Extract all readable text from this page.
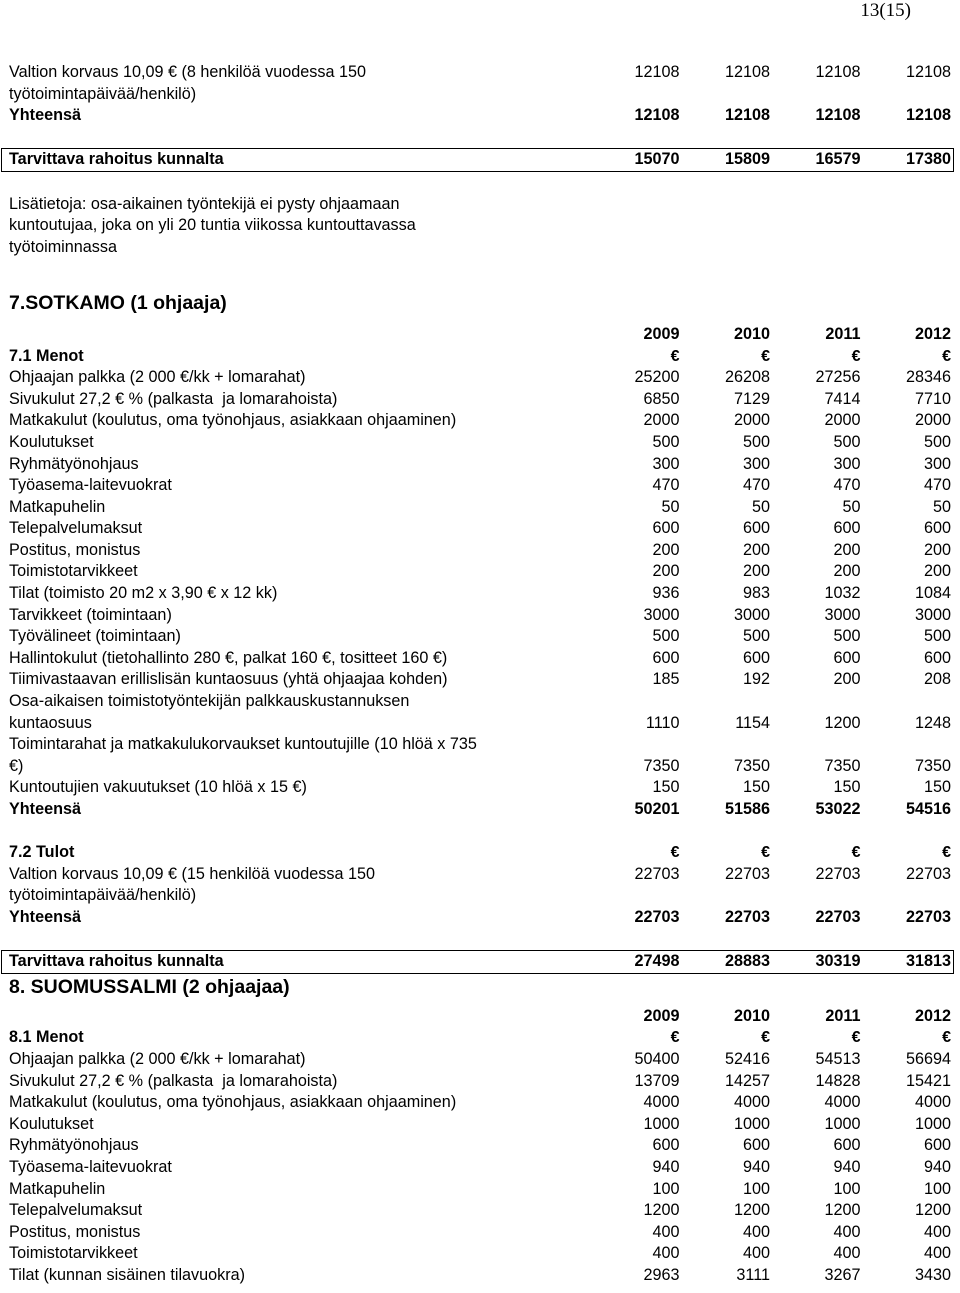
13(15)
Valtion korvaus 10,09 € (8 henkilöä vuodessa 150	12108	12108	12108	12108
työtoimintapäivää/henkilö)
Yhteensä	12108	12108	12108	12108
Tarvittava rahoitus kunnalta	15070	15809	16579	17380
Lisätietoja: osa-aikainen työntekijä ei pysty ohjaamaan
kuntoutujaa, joka on yli 20 tuntia viikossa kuntouttavassa
työtoiminnassa
7.SOTKAMO (1 ohjaaja)
2009	2010	2011	2012
7.1 Menot	€	€	€	€
Ohjaajan palkka (2 000 €/kk + lomarahat)	25200	26208	27256	28346
Sivukulut 27,2 € % (palkasta  ja lomarahoista)	6850	7129	7414	7710
Matkakulut (koulutus, oma työnohjaus, asiakkaan ohjaaminen)	2000	2000	2000	2000
Koulutukset	500	500	500	500
Ryhmätyönohjaus	300	300	300	300
Työasema-laitevuokrat	470	470	470	470
Matkapuhelin	50	50	50	50
Telepalvelumaksut	600	600	600	600
Postitus, monistus	200	200	200	200
Toimistotarvikkeet	200	200	200	200
Tilat (toimisto 20 m2 x 3,90 € x 12 kk)	936	983	1032	1084
Tarvikkeet (toimintaan)	3000	3000	3000	3000
Työvälineet (toimintaan)	500	500	500	500
Hallintokulut (tietohallinto 280 €, palkat 160 €, tositteet 160 €)	600	600	600	600
Tiimivastaavan erillislisän kuntaosuus (yhtä ohjaajaa kohden)	185	192	200	208
Osa-aikaisen toimistotyöntekijän palkkauskustannuksen
kuntaosuus	1110	1154	1200	1248
Toimintarahat ja matkakulukorvaukset kuntoutujille (10 hlöä x 735
€)	7350	7350	7350	7350
Kuntoutujien vakuutukset (10 hlöä x 15 €)	150	150	150	150
Yhteensä	50201	51586	53022	54516
7.2 Tulot	€	€	€	€
Valtion korvaus 10,09 € (15 henkilöä vuodessa 150	22703	22703	22703	22703
työtoimintapäivää/henkilö)
Yhteensä	22703	22703	22703	22703
Tarvittava rahoitus kunnalta	27498	28883	30319	31813
8. SUOMUSSALMI (2 ohjaajaa)
2009	2010	2011	2012
8.1 Menot	€	€	€	€
Ohjaajan palkka (2 000 €/kk + lomarahat)	50400	52416	54513	56694
Sivukulut 27,2 € % (palkasta  ja lomarahoista)	13709	14257	14828	15421
Matkakulut (koulutus, oma työnohjaus, asiakkaan ohjaaminen)	4000	4000	4000	4000
Koulutukset	1000	1000	1000	1000
Ryhmätyönohjaus	600	600	600	600
Työasema-laitevuokrat	940	940	940	940
Matkapuhelin	100	100	100	100
Telepalvelumaksut	1200	1200	1200	1200
Postitus, monistus	400	400	400	400
Toimistotarvikkeet	400	400	400	400
Tilat (kunnan sisäinen tilavuokra)	2963	3111	3267	3430
